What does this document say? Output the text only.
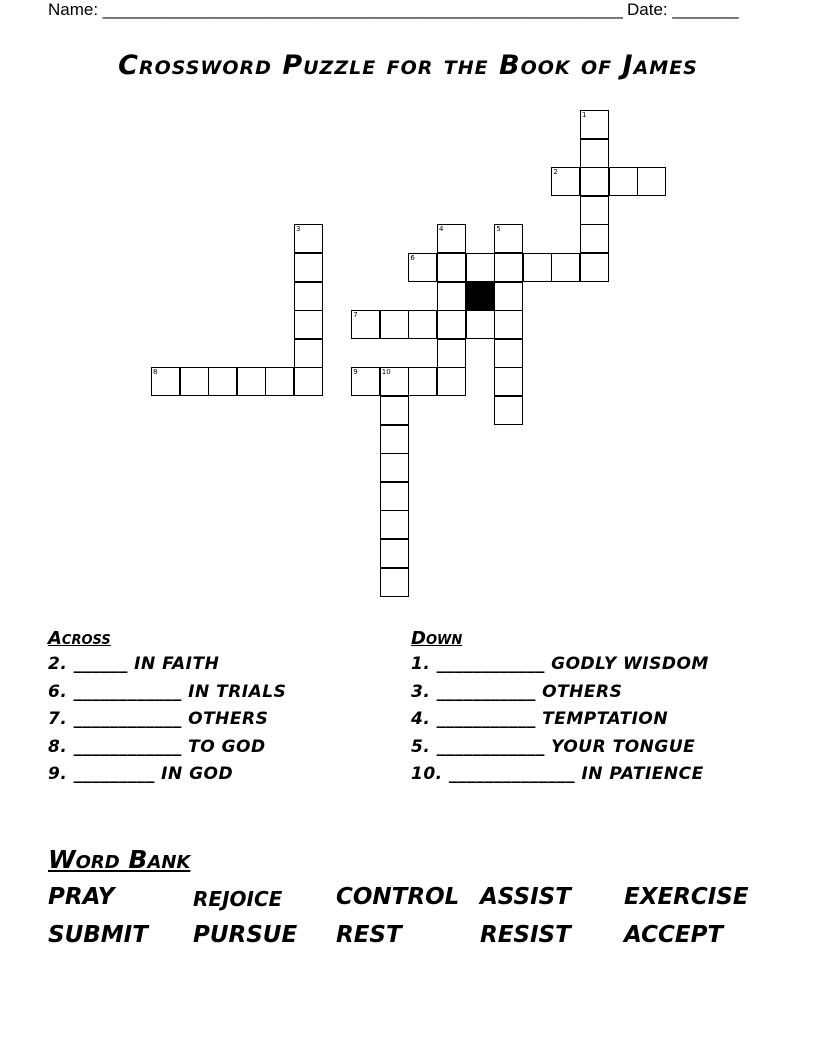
Name: _______________________________________________________ Date: _______
Crossword Puzzle for the Book of James
1
2
3	4	5
6
7
8	9	10
Across
2. ______ IN FAITH
6. ____________ IN TRIALS
7. ____________ OTHERS
8. ____________ TO GOD
9. _________ IN GOD
Down
1. ____________ GODLY WISDOM
3. ___________ OTHERS
4. ___________ TEMPTATION
5. ____________ YOUR TONGUE
10. ______________ IN PATIENCE
Word Bank
PRAY	REJOICE CONTROL ASSIST EXERCISE
SUBMIT PURSUE REST	RESIST ACCEPT
